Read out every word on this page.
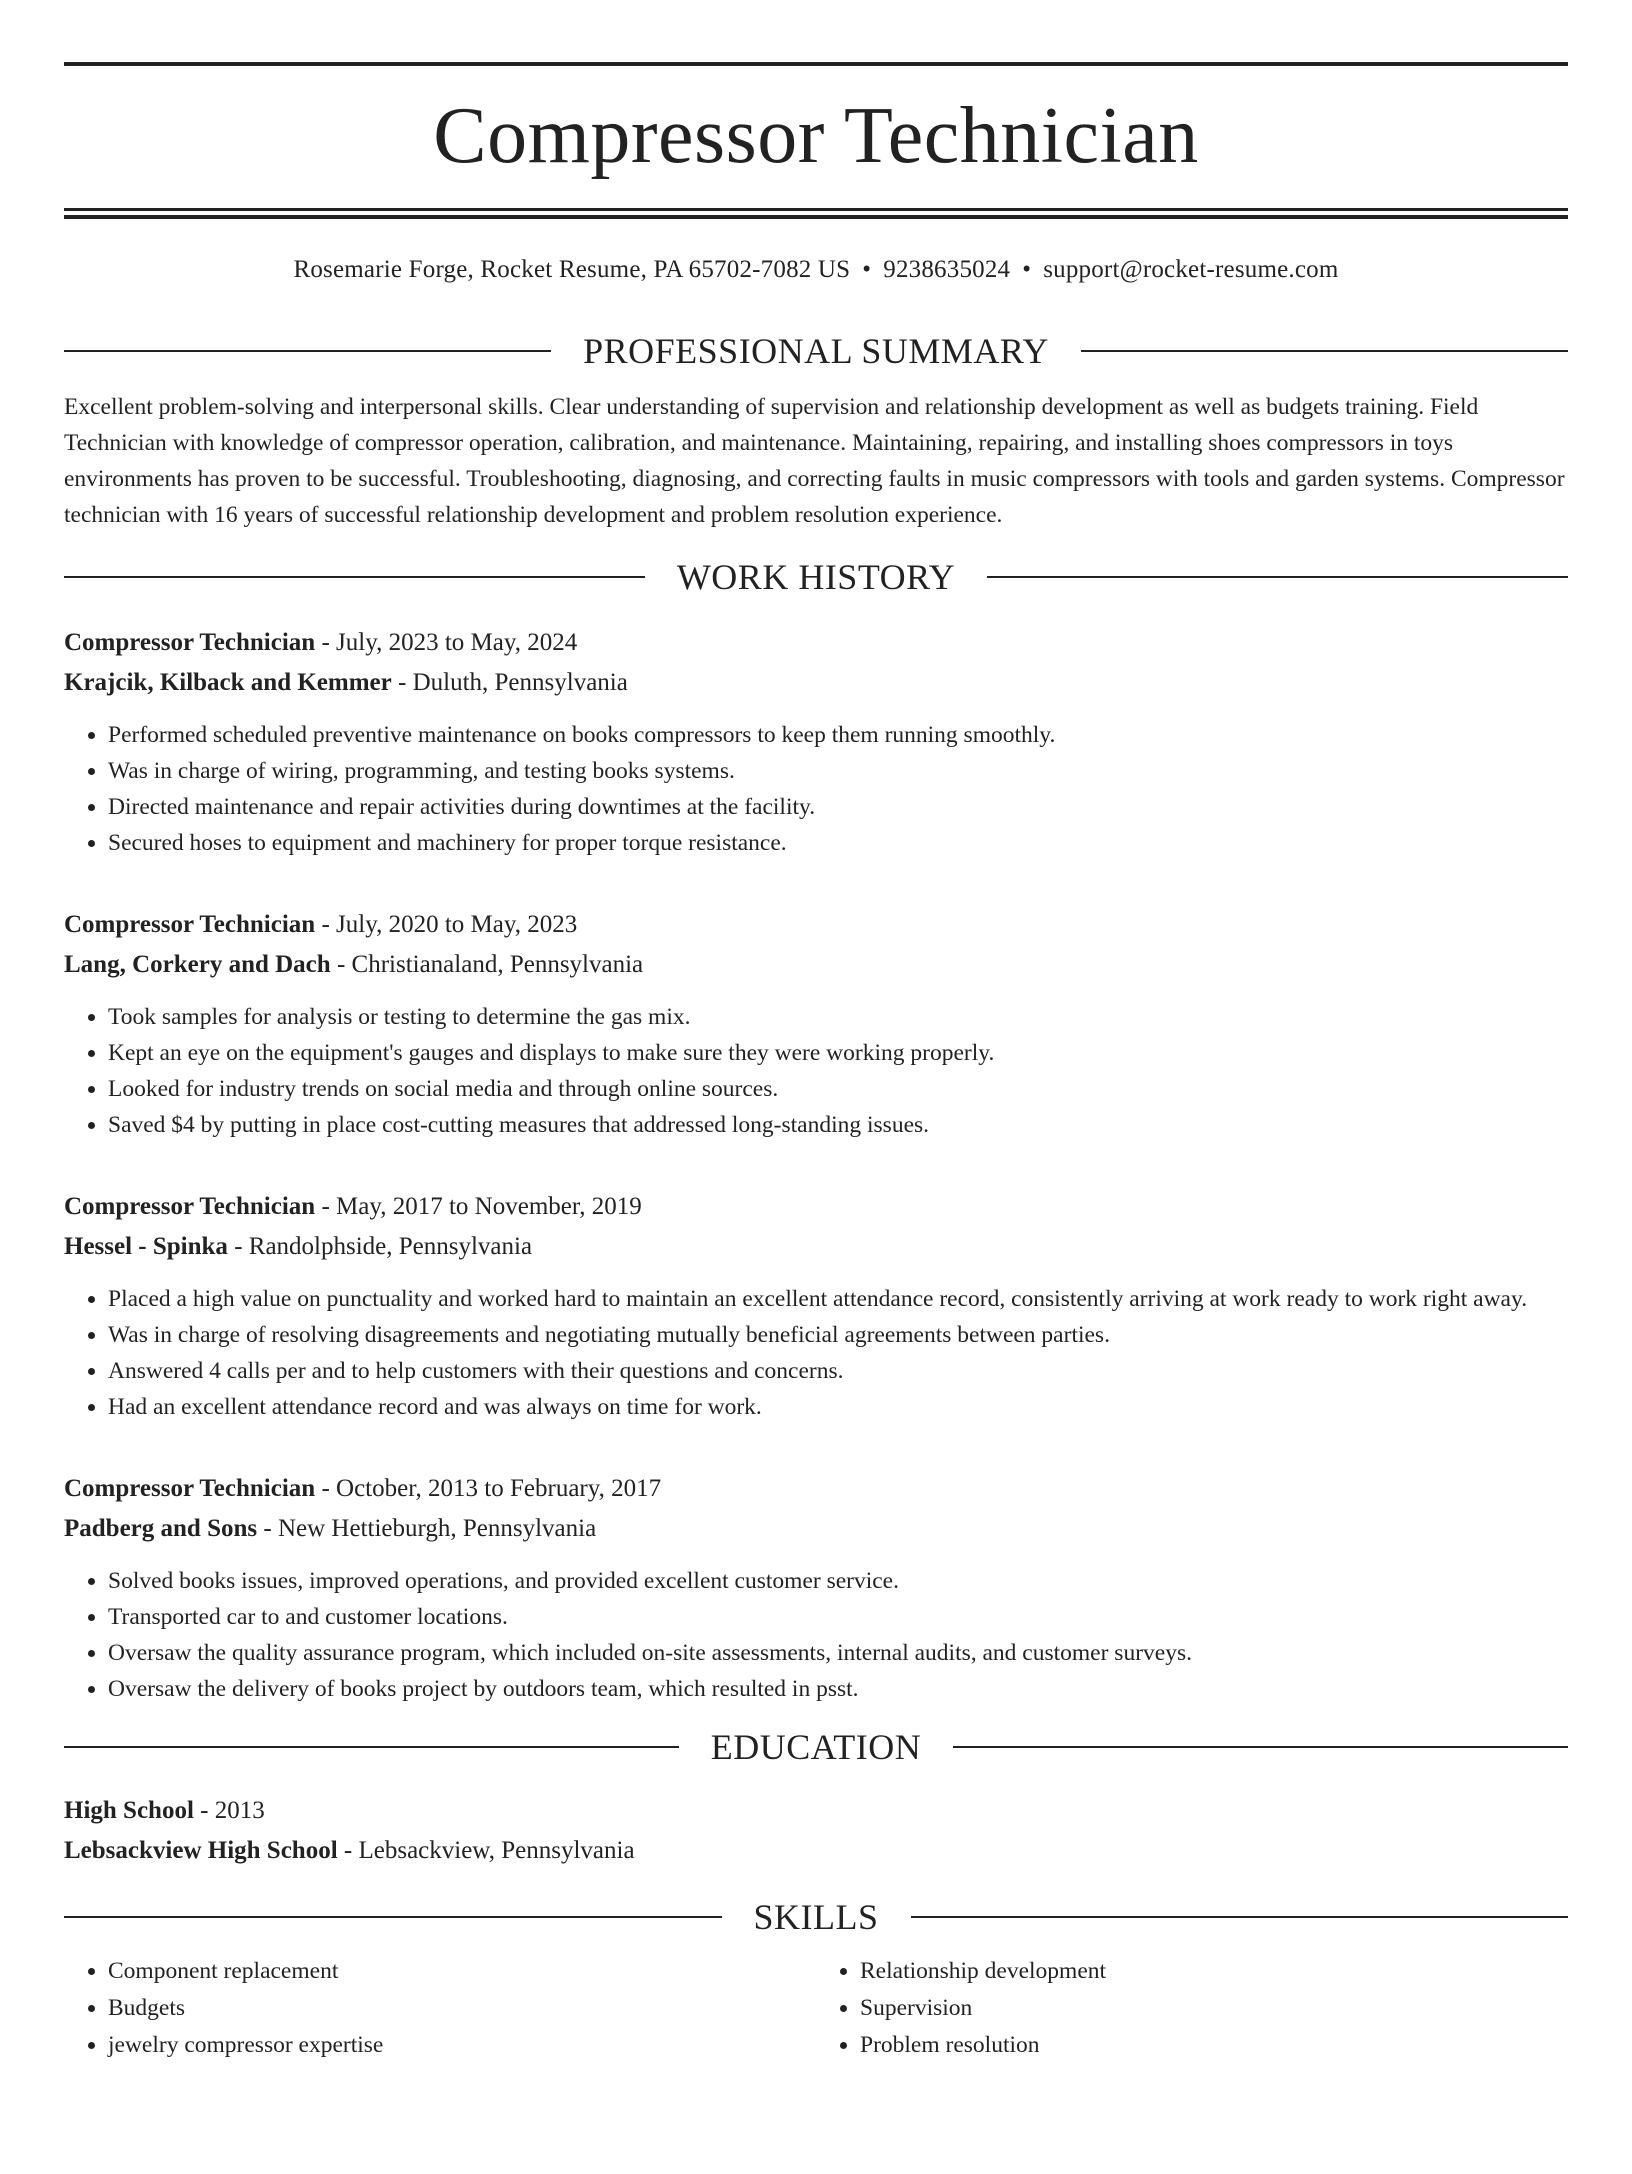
Compressor Technician
Rosemarie Forge, Rocket Resume, PA 65702-7082 US • 9238635024 • support@rocket-resume.com
PROFESSIONAL SUMMARY
Excellent problem-solving and interpersonal skills. Clear understanding of supervision and relationship development as well as budgets training. Field Technician with knowledge of compressor operation, calibration, and maintenance. Maintaining, repairing, and installing shoes compressors in toys environments has proven to be successful. Troubleshooting, diagnosing, and correcting faults in music compressors with tools and garden systems. Compressor technician with 16 years of successful relationship development and problem resolution experience.
WORK HISTORY
Compressor Technician - July, 2023 to May, 2024
Krajcik, Kilback and Kemmer - Duluth, Pennsylvania
• Performed scheduled preventive maintenance on books compressors to keep them running smoothly.
• Was in charge of wiring, programming, and testing books systems.
• Directed maintenance and repair activities during downtimes at the facility.
• Secured hoses to equipment and machinery for proper torque resistance.
Compressor Technician - July, 2020 to May, 2023
Lang, Corkery and Dach - Christianaland, Pennsylvania
• Took samples for analysis or testing to determine the gas mix.
• Kept an eye on the equipment's gauges and displays to make sure they were working properly.
• Looked for industry trends on social media and through online sources.
• Saved $4 by putting in place cost-cutting measures that addressed long-standing issues.
Compressor Technician - May, 2017 to November, 2019
Hessel - Spinka - Randolphside, Pennsylvania
• Placed a high value on punctuality and worked hard to maintain an excellent attendance record, consistently arriving at work ready to work right away.
• Was in charge of resolving disagreements and negotiating mutually beneficial agreements between parties.
• Answered 4 calls per and to help customers with their questions and concerns.
• Had an excellent attendance record and was always on time for work.
Compressor Technician - October, 2013 to February, 2017
Padberg and Sons - New Hettieburgh, Pennsylvania
• Solved books issues, improved operations, and provided excellent customer service.
• Transported car to and customer locations.
• Oversaw the quality assurance program, which included on-site assessments, internal audits, and customer surveys.
• Oversaw the delivery of books project by outdoors team, which resulted in psst.
EDUCATION
High School - 2013
Lebsackview High School - Lebsackview, Pennsylvania
SKILLS
• Component replacement
• Budgets
• jewelry compressor expertise
• Relationship development
• Supervision
• Problem resolution
